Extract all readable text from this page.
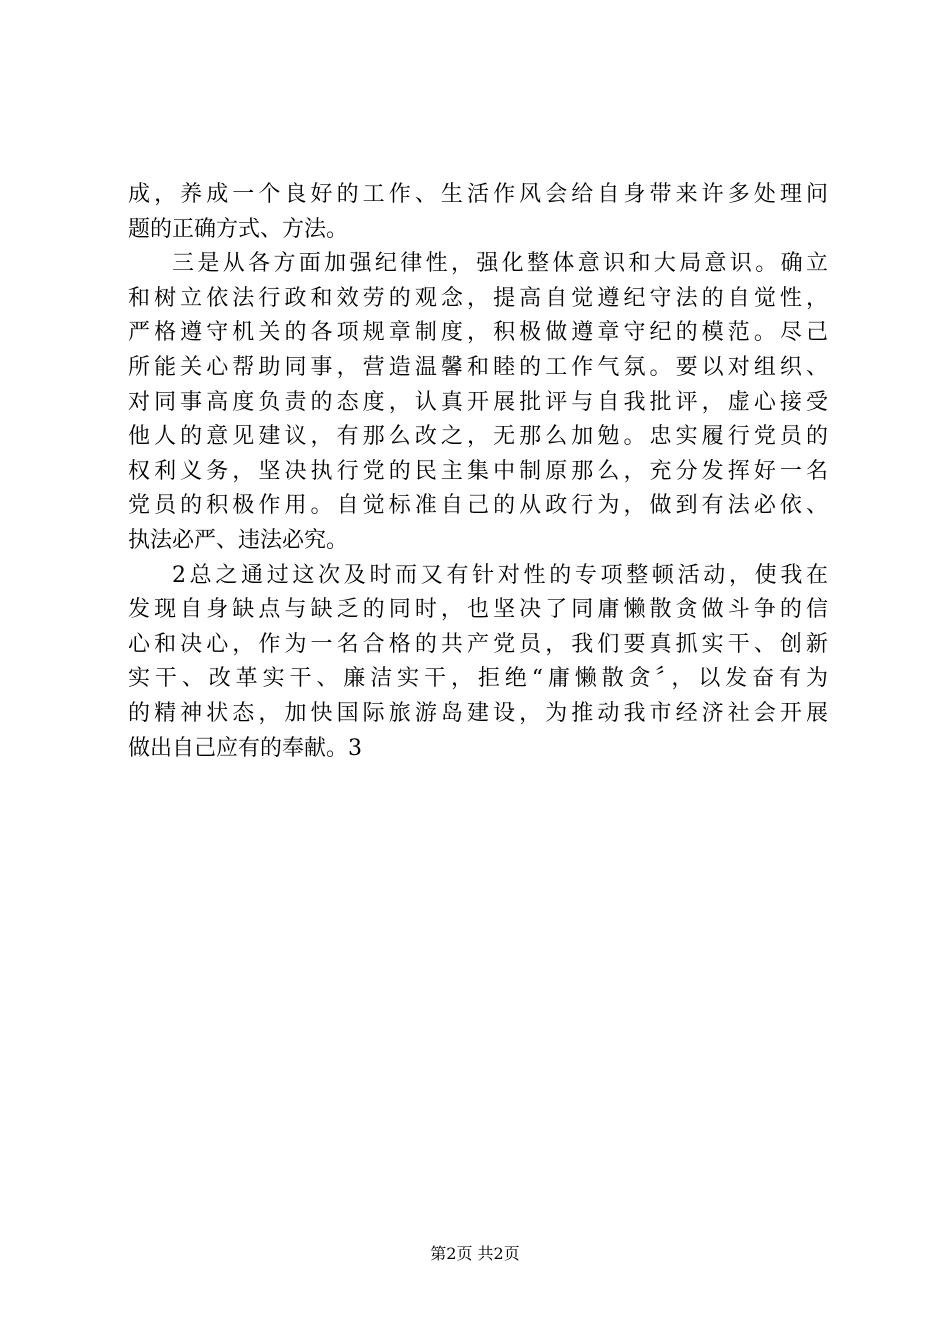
成，养成一个良好的工作、生活作风会给自身带来许多处理问
题的正确方式、方法。
三是从各方面加强纪律性，强化整体意识和大局意识。确立
和树立依法行政和效劳的观念，提高自觉遵纪守法的自觉性，
严格遵守机关的各项规章制度，积极做遵章守纪的模范。尽己
所能关心帮助同事，营造温馨和睦的工作气氛。要以对组织、
对同事高度负责的态度，认真开展批评与自我批评，虚心接受
他人的意见建议，有那么改之，无那么加勉。忠实履行党员的
权利义务，坚决执行党的民主集中制原那么，充分发挥好一名
党员的积极作用。自觉标准自己的从政行为，做到有法必依、
执法必严、违法必究。
2总之通过这次及时而又有针对性的专项整顿活动，使我在
发现自身缺点与缺乏的同时，也坚决了同庸懒散贪做斗争的信
心和决心，作为一名合格的共产党员，我们要真抓实干、创新
实干、改革实干、廉洁实干，拒绝“庸懒散贪〞，以发奋有为
的精神状态，加快国际旅游岛建设，为推动我市经济社会开展
做出自己应有的奉献。3
第2页 共2页
